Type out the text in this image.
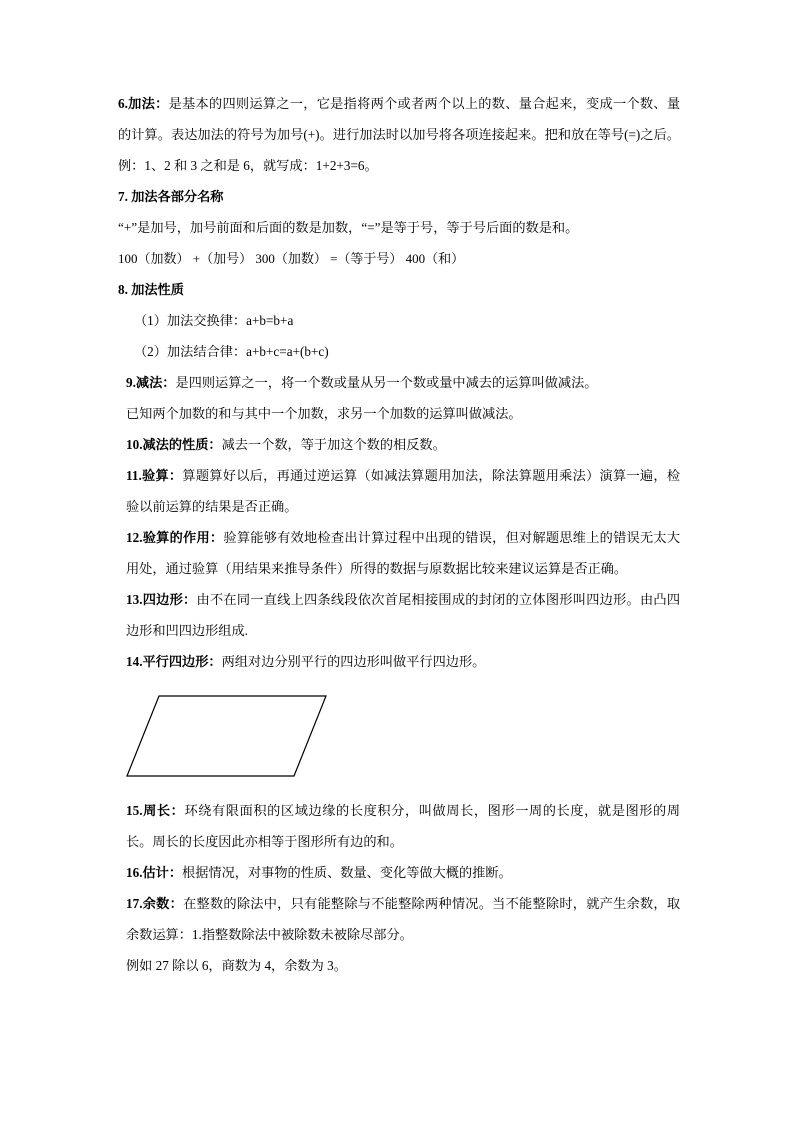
6.加法：是基本的四则运算之一，它是指将两个或者两个以上的数、量合起来，变成一个数、量的计算。表达加法的符号为加号(+)。进行加法时以加号将各项连接起来。把和放在等号(=)之后。 例：1、2 和 3 之和是 6，就写成：1+2+3=6。

7. 加法各部分名称

“+”是加号，加号前面和后面的数是加数，“=”是等于号，等于号后面的数是和。

100（加数） +（加号） 300（加数） =（等于号） 400（和）

8. 加法性质

（1）加法交换律：a+b=b+a

（2）加法结合律：a+b+c=a+(b+c)

9.减法：是四则运算之一，将一个数或量从另一个数或量中减去的运算叫做减法。

已知两个加数的和与其中一个加数，求另一个加数的运算叫做减法。

10.减法的性质：减去一个数，等于加这个数的相反数。

11.验算：算题算好以后，再通过逆运算（如减法算题用加法，除法算题用乘法）演算一遍，检验以前运算的结果是否正确。

12.验算的作用：验算能够有效地检查出计算过程中出现的错误，但对解题思维上的错误无太大用处，通过验算（用结果来推导条件）所得的数据与原数据比较来建议运算是否正确。

13.四边形：由不在同一直线上四条线段依次首尾相接围成的封闭的立体图形叫四边形。由凸四边形和凹四边形组成.

14.平行四边形：两组对边分别平行的四边形叫做平行四边形。

15.周长：环绕有限面积的区域边缘的长度积分，叫做周长，图形一周的长度，就是图形的周长。周长的长度因此亦相等于图形所有边的和。

16.估计：根据情况，对事物的性质、数量、变化等做大概的推断。

17.余数：在整数的除法中，只有能整除与不能整除两种情况。当不能整除时，就产生余数，取余数运算：1.指整数除法中被除数未被除尽部分。

例如 27 除以 6，商数为 4，余数为 3。
